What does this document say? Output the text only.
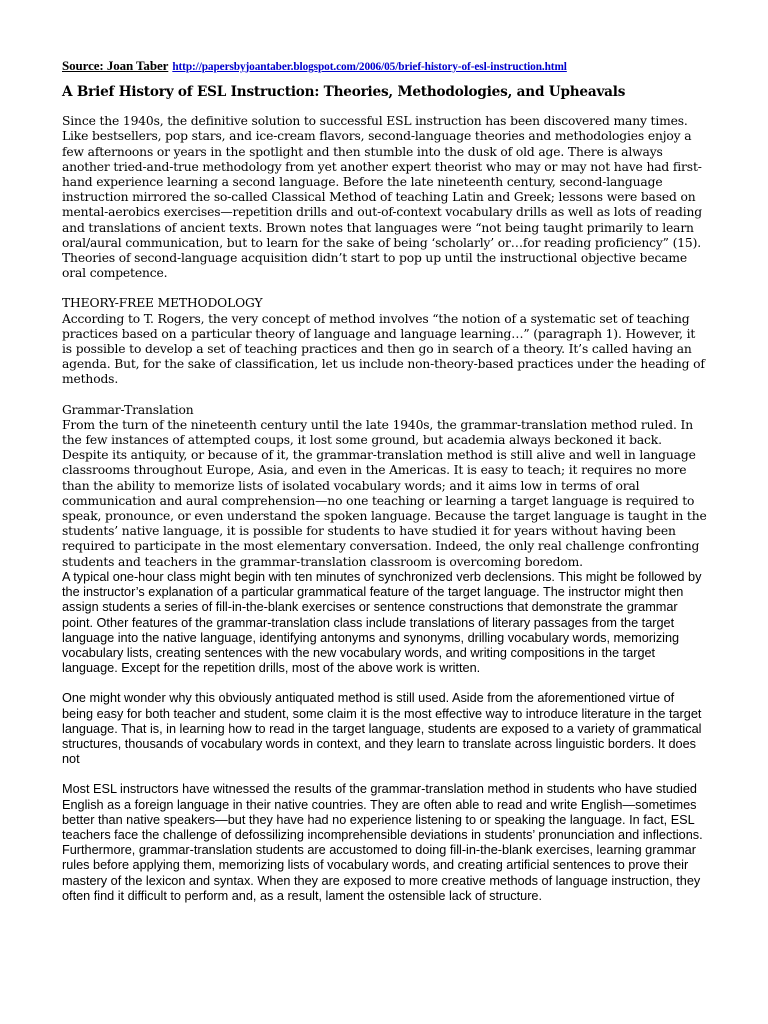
Source: Joan Taber http://papersbyjoantaber.blogspot.com/2006/05/brief-history-of-esl-instruction.html
A Brief History of ESL Instruction: Theories, Methodologies, and Upheavals

Since the 1940s, the definitive solution to successful ESL instruction has been discovered many times. Like bestsellers, pop stars, and ice-cream flavors, second-language theories and methodologies enjoy a few afternoons or years in the spotlight and then stumble into the dusk of old age. There is always another tried-and-true methodology from yet another expert theorist who may or may not have had first-hand experience learning a second language. Before the late nineteenth century, second-language instruction mirrored the so-called Classical Method of teaching Latin and Greek; lessons were based on mental-aerobics exercises—repetition drills and out-of-context vocabulary drills as well as lots of reading and translations of ancient texts. Brown notes that languages were “not being taught primarily to learn oral/aural communication, but to learn for the sake of being ‘scholarly’ or…for reading proficiency” (15). Theories of second-language acquisition didn’t start to pop up until the instructional objective became oral competence.

THEORY-FREE METHODOLOGY

According to T. Rogers, the very concept of method involves “the notion of a systematic set of teaching practices based on a particular theory of language and language learning…” (paragraph 1). However, it is possible to develop a set of teaching practices and then go in search of a theory. It’s called having an agenda. But, for the sake of classification, let us include non-theory-based practices under the heading of methods.

Grammar-Translation

From the turn of the nineteenth century until the late 1940s, the grammar-translation method ruled. In the few instances of attempted coups, it lost some ground, but academia always beckoned it back. Despite its antiquity, or because of it, the grammar-translation method is still alive and well in language classrooms throughout Europe, Asia, and even in the Americas. It is easy to teach; it requires no more than the ability to memorize lists of isolated vocabulary words; and it aims low in terms of oral communication and aural comprehension—no one teaching or learning a target language is required to speak, pronounce, or even understand the spoken language. Because the target language is taught in the students’ native language, it is possible for students to have studied it for years without having been required to participate in the most elementary conversation. Indeed, the only real challenge confronting students and teachers in the grammar-translation classroom is overcoming boredom.

A typical one-hour class might begin with ten minutes of synchronized verb declensions. This might be followed by the instructor’s explanation of a particular grammatical feature of the target language. The instructor might then assign students a series of fill-in-the-blank exercises or sentence constructions that demonstrate the grammar point. Other features of the grammar-translation class include translations of literary passages from the target language into the native language, identifying antonyms and synonyms, drilling vocabulary words, memorizing vocabulary lists, creating sentences with the new vocabulary words, and writing compositions in the target language. Except for the repetition drills, most of the above work is written.

One might wonder why this obviously antiquated method is still used. Aside from the aforementioned virtue of being easy for both teacher and student, some claim it is the most effective way to introduce literature in the target language. That is, in learning how to read in the target language, students are exposed to a variety of grammatical structures, thousands of vocabulary words in context, and they learn to translate across linguistic borders. It does not

Most ESL instructors have witnessed the results of the grammar-translation method in students who have studied English as a foreign language in their native countries. They are often able to read and write English—sometimes better than native speakers—but they have had no experience listening to or speaking the language. In fact, ESL teachers face the challenge of defossilizing incomprehensible deviations in students’ pronunciation and inflections. Furthermore, grammar-translation students are accustomed to doing fill-in-the-blank exercises, learning grammar rules before applying them, memorizing lists of vocabulary words, and creating artificial sentences to prove their mastery of the lexicon and syntax. When they are exposed to more creative methods of language instruction, they often find it difficult to perform and, as a result, lament the ostensible lack of structure.
